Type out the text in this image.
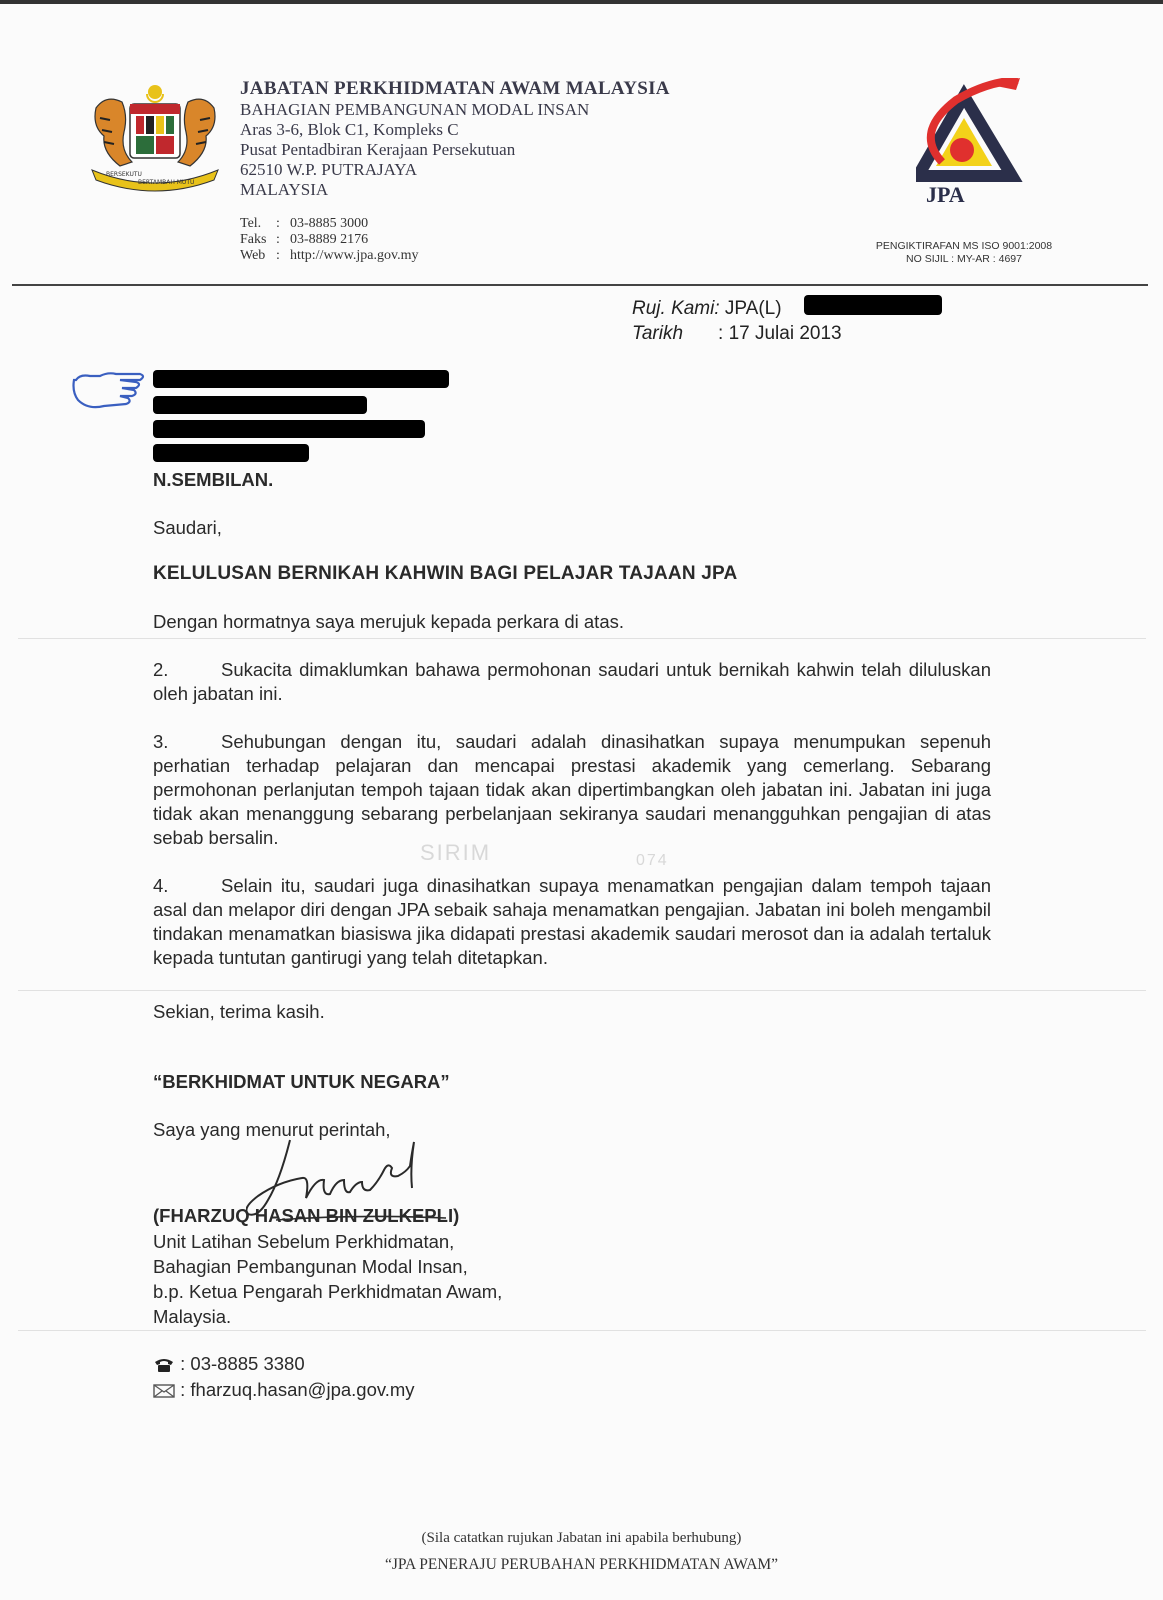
BERSEKUTU
BERTAMBAH MUTU
JABATAN PERKHIDMATAN AWAM MALAYSIA
BAHAGIAN PEMBANGUNAN MODAL INSAN
Aras 3-6, Blok C1, Kompleks C
Pusat Pentadbiran Kerajaan Persekutuan
62510 W.P. PUTRAJAYA
MALAYSIA
Tel.	: 03-8885 3000
Faks : 03-8889 2176
Web : http://www.jpa.gov.my
JPA
PENGIKTIRAFAN MS ISO 9001:2008
NO SIJIL : MY-AR : 4697
Ruj. Kami: JPA(L)
Tarikh : 17 Julai 2013
N.SEMBILAN.
Saudari,
KELULUSAN BERNIKAH KAHWIN BAGI PELAJAR TAJAAN JPA
Dengan hormatnya saya merujuk kepada perkara di atas.
SIRIM	074
2.	Sukacita dimaklumkan bahawa permohonan saudari untuk bernikah kahwin telah diluluskan oleh jabatan ini.
3.	Sehubungan dengan itu, saudari adalah dinasihatkan supaya menumpukan sepenuh perhatian terhadap pelajaran dan mencapai prestasi akademik yang cemerlang. Sebarang permohonan perlanjutan tempoh tajaan tidak akan dipertimbangkan oleh jabatan ini. Jabatan ini juga tidak akan menanggung sebarang perbelanjaan sekiranya saudari menangguhkan pengajian di atas sebab bersalin.
4.	Selain itu, saudari juga dinasihatkan supaya menamatkan pengajian dalam tempoh tajaan asal dan melapor diri dengan JPA sebaik sahaja menamatkan pengajian. Jabatan ini boleh mengambil tindakan menamatkan biasiswa jika didapati prestasi akademik saudari merosot dan ia adalah tertaluk kepada tuntutan gantirugi yang telah ditetapkan.
Sekian, terima kasih.
“BERKHIDMAT UNTUK NEGARA”
Saya yang menurut perintah,
(FHARZUQ HASAN BIN ZULKEPLI)
Unit Latihan Sebelum Perkhidmatan,
Bahagian Pembangunan Modal Insan,
b.p. Ketua Pengarah Perkhidmatan Awam,
Malaysia.
: 03-8885 3380
: fharzuq.hasan@jpa.gov.my
(Sila catatkan rujukan Jabatan ini apabila berhubung)
“JPA PENERAJU PERUBAHAN PERKHIDMATAN AWAM”
